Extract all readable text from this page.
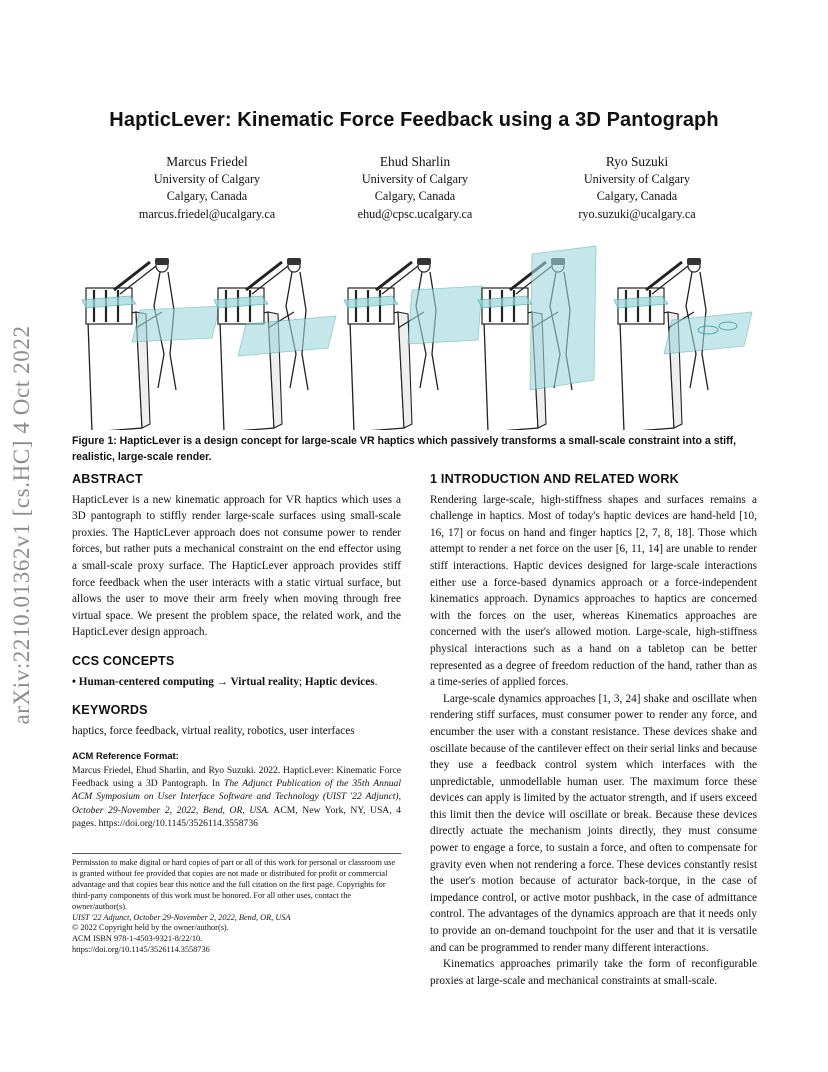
arXiv:2210.01362v1 [cs.HC] 4 Oct 2022
HapticLever: Kinematic Force Feedback using a 3D Pantograph
Marcus Friedel
University of Calgary
Calgary, Canada
marcus.friedel@ucalgary.ca
Ehud Sharlin
University of Calgary
Calgary, Canada
ehud@cpsc.ucalgary.ca
Ryo Suzuki
University of Calgary
Calgary, Canada
ryo.suzuki@ucalgary.ca
Figure 1: HapticLever is a design concept for large-scale VR haptics which passively transforms a small-scale constraint into a stiff, realistic, large-scale render.
ABSTRACT

HapticLever is a new kinematic approach for VR haptics which uses a 3D pantograph to stiffly render large-scale surfaces using small-scale proxies. The HapticLever approach does not consume power to render forces, but rather puts a mechanical constraint on the end effector using a small-scale proxy surface. The HapticLever approach provides stiff force feedback when the user interacts with a static virtual surface, but allows the user to move their arm freely when moving through free virtual space. We present the problem space, the related work, and the HapticLever design approach.

CCS CONCEPTS

• Human-centered computing → Virtual reality; Haptic devices.

KEYWORDS

haptics, force feedback, virtual reality, robotics, user interfaces

ACM Reference Format:
Marcus Friedel, Ehud Sharlin, and Ryo Suzuki. 2022. HapticLever: Kinematic Force Feedback using a 3D Pantograph. In The Adjunct Publication of the 35th Annual ACM Symposium on User Interface Software and Technology (UIST '22 Adjunct), October 29-November 2, 2022, Bend, OR, USA. ACM, New York, NY, USA, 4 pages. https://doi.org/10.1145/3526114.3558736
Permission to make digital or hard copies of part or all of this work for personal or classroom use is granted without fee provided that copies are not made or distributed for profit or commercial advantage and that copies bear this notice and the full citation on the first page. Copyrights for third-party components of this work must be honored. For all other uses, contact the owner/author(s).
UIST '22 Adjunct, October 29-November 2, 2022, Bend, OR, USA
© 2022 Copyright held by the owner/author(s).
ACM ISBN 978-1-4503-9321-8/22/10.
https://doi.org/10.1145/3526114.3558736
1 INTRODUCTION AND RELATED WORK

Rendering large-scale, high-stiffness shapes and surfaces remains a challenge in haptics. Most of today's haptic devices are hand-held [10, 16, 17] or focus on hand and finger haptics [2, 7, 8, 18]. Those which attempt to render a net force on the user [6, 11, 14] are unable to render stiff interactions. Haptic devices designed for large-scale interactions either use a force-based dynamics approach or a force-independent kinematics approach. Dynamics approaches to haptics are concerned with the forces on the user, whereas Kinematics approaches are concerned with the user's allowed motion. Large-scale, high-stiffness physical interactions such as a hand on a tabletop can be better represented as a degree of freedom reduction of the hand, rather than as a time-series of applied forces.

Large-scale dynamics approaches [1, 3, 24] shake and oscillate when rendering stiff surfaces, must consumer power to render any force, and encumber the user with a constant resistance. These devices shake and oscillate because of the cantilever effect on their serial links and because they use a feedback control system which interfaces with the unpredictable, unmodellable human user. The maximum force these devices can apply is limited by the actuator strength, and if users exceed this limit then the device will oscillate or break. Because these devices directly actuate the mechanism joints directly, they must consume power to engage a force, to sustain a force, and often to compensate for gravity even when not rendering a force. These devices constantly resist the user's motion because of acturator back-torque, in the case of impedance control, or active motor pushback, in the case of admittance control. The advantages of the dynamics approach are that it needs only to provide an on-demand touchpoint for the user and that it is versatile and can be programmed to render many different interactions.

Kinematics approaches primarily take the form of reconfigurable proxies at large-scale and mechanical constraints at small-scale.
